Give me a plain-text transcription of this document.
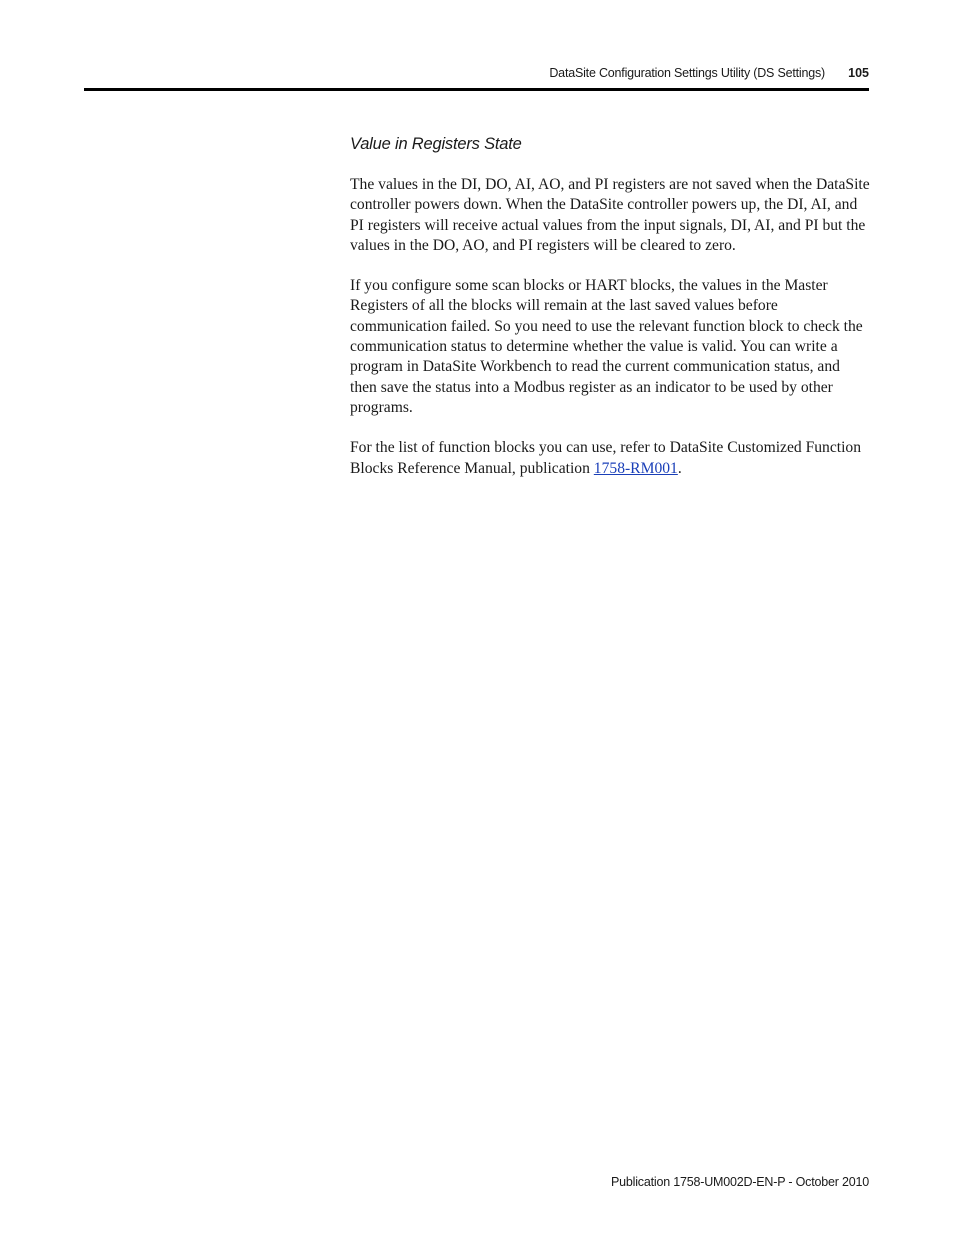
DataSite Configuration Settings Utility (DS Settings) 105
Value in Registers State

The values in the DI, DO, AI, AO, and PI registers are not saved when the DataSite controller powers down. When the DataSite controller powers up, the DI, AI, and PI registers will receive actual values from the input signals, DI, AI, and PI but the values in the DO, AO, and PI registers will be cleared to zero.

If you configure some scan blocks or HART blocks, the values in the Master Registers of all the blocks will remain at the last saved values before communication failed. So you need to use the relevant function block to check the communication status to determine whether the value is valid. You can write a program in DataSite Workbench to read the current communication status, and then save the status into a Modbus register as an indicator to be used by other programs.

For the list of function blocks you can use, refer to DataSite Customized Function Blocks Reference Manual, publication 1758-RM001.

Publication 1758-UM002D-EN-P - October 2010
